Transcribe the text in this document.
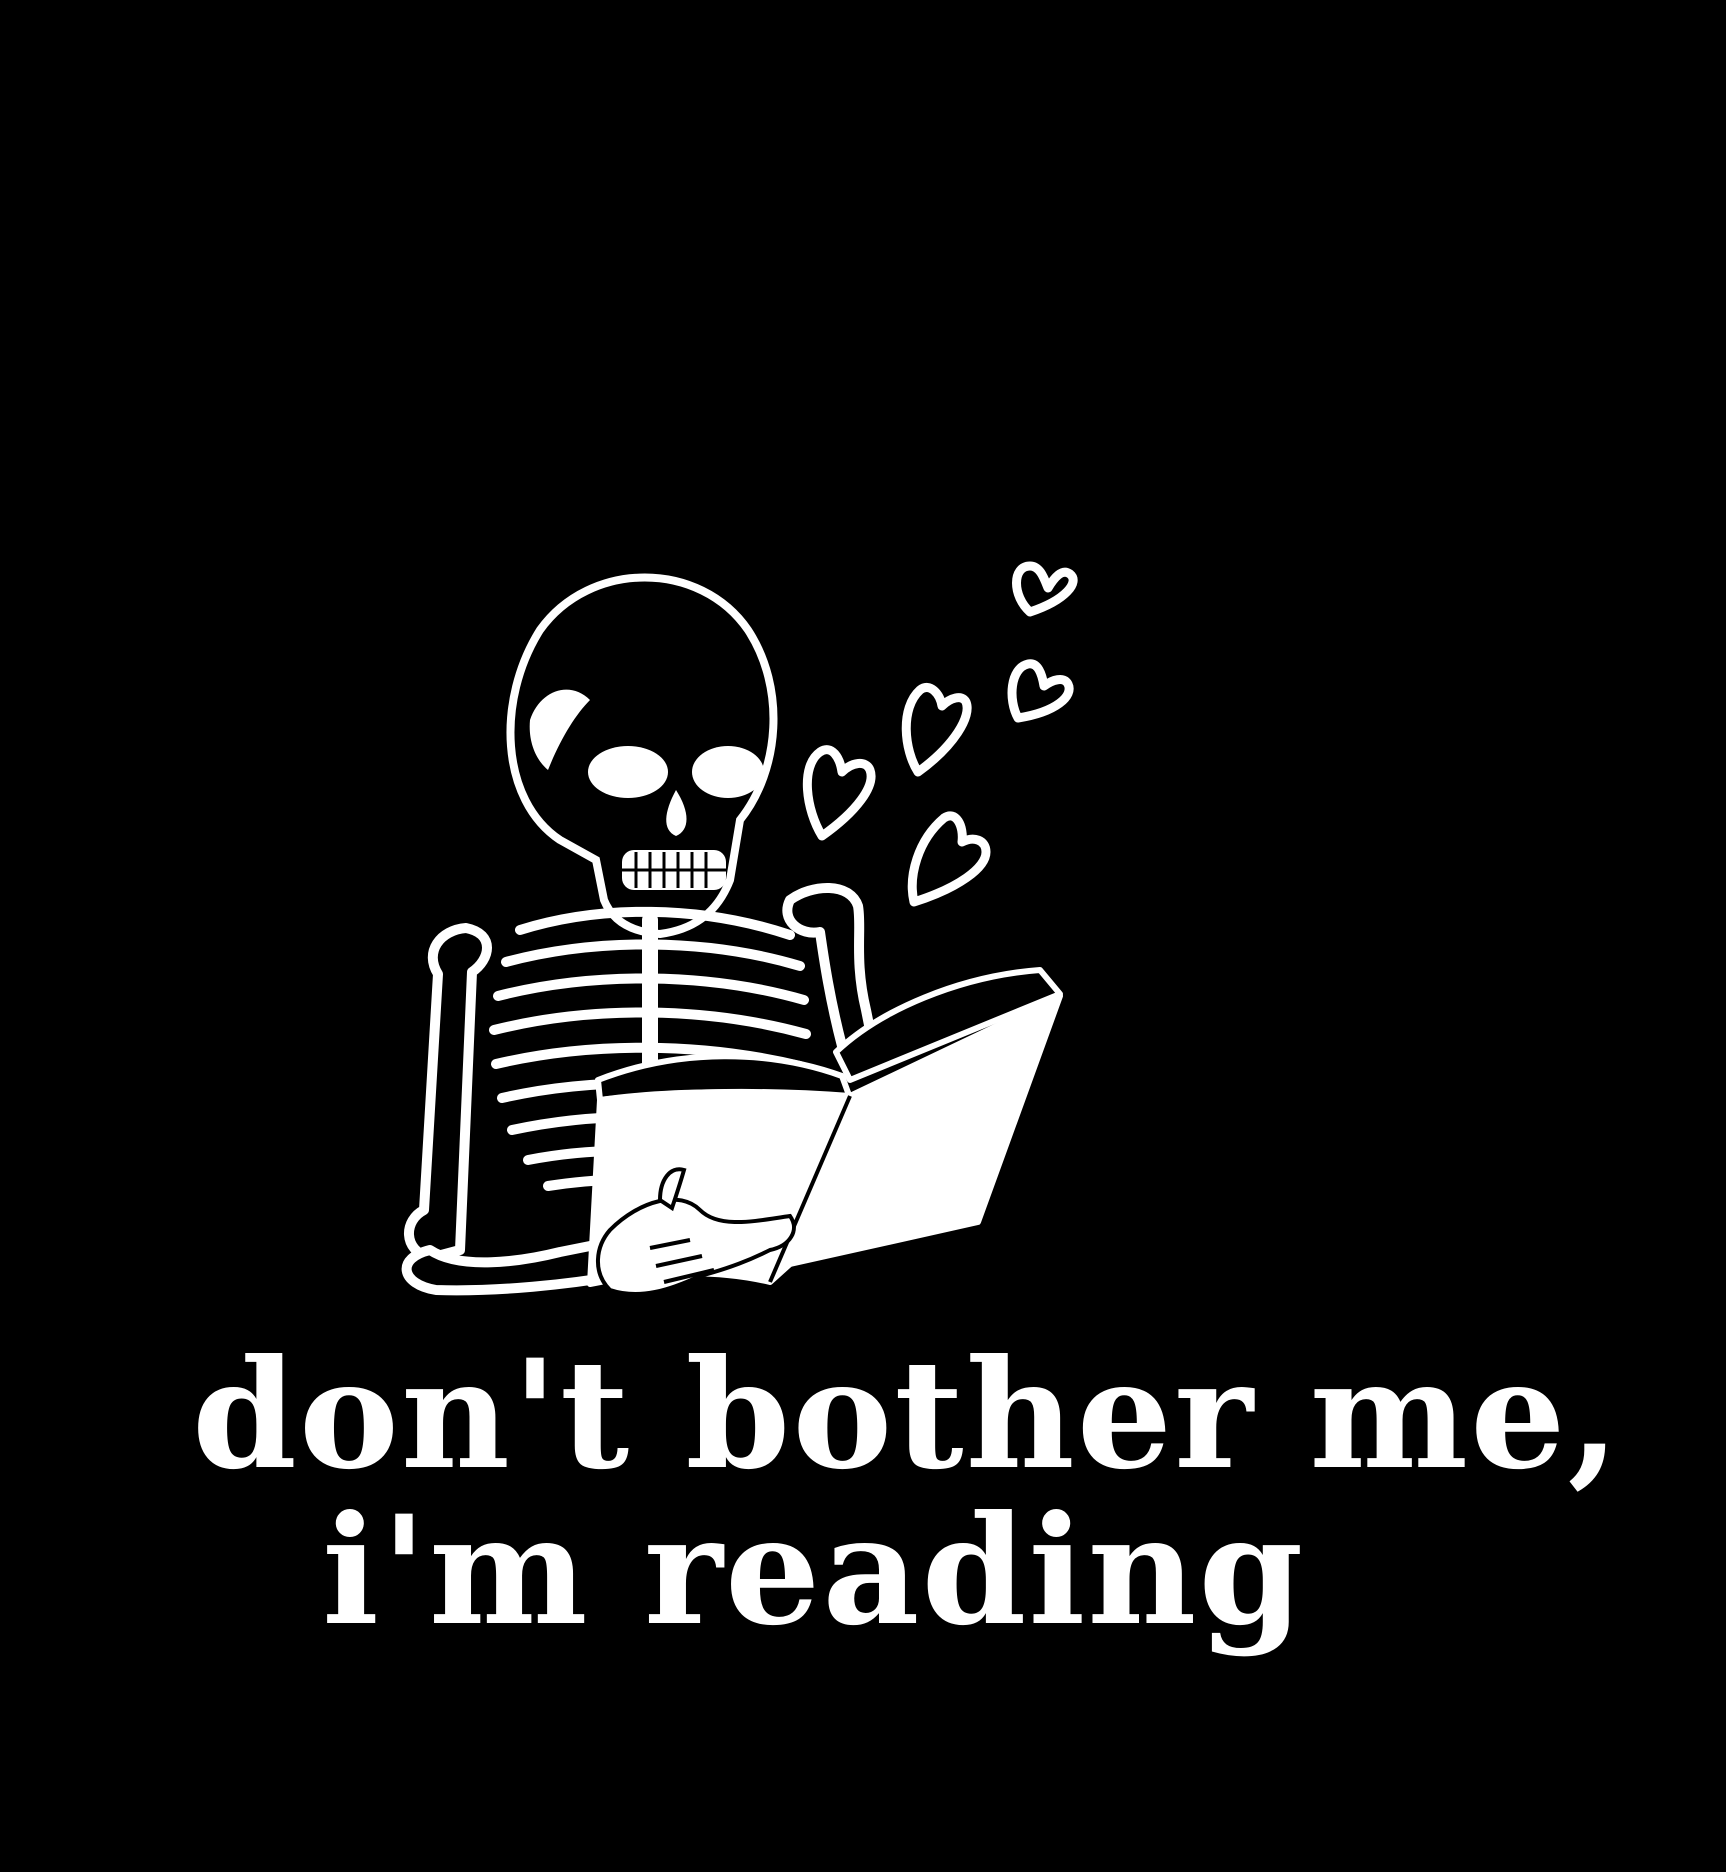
don't bother me,
i'm reading
